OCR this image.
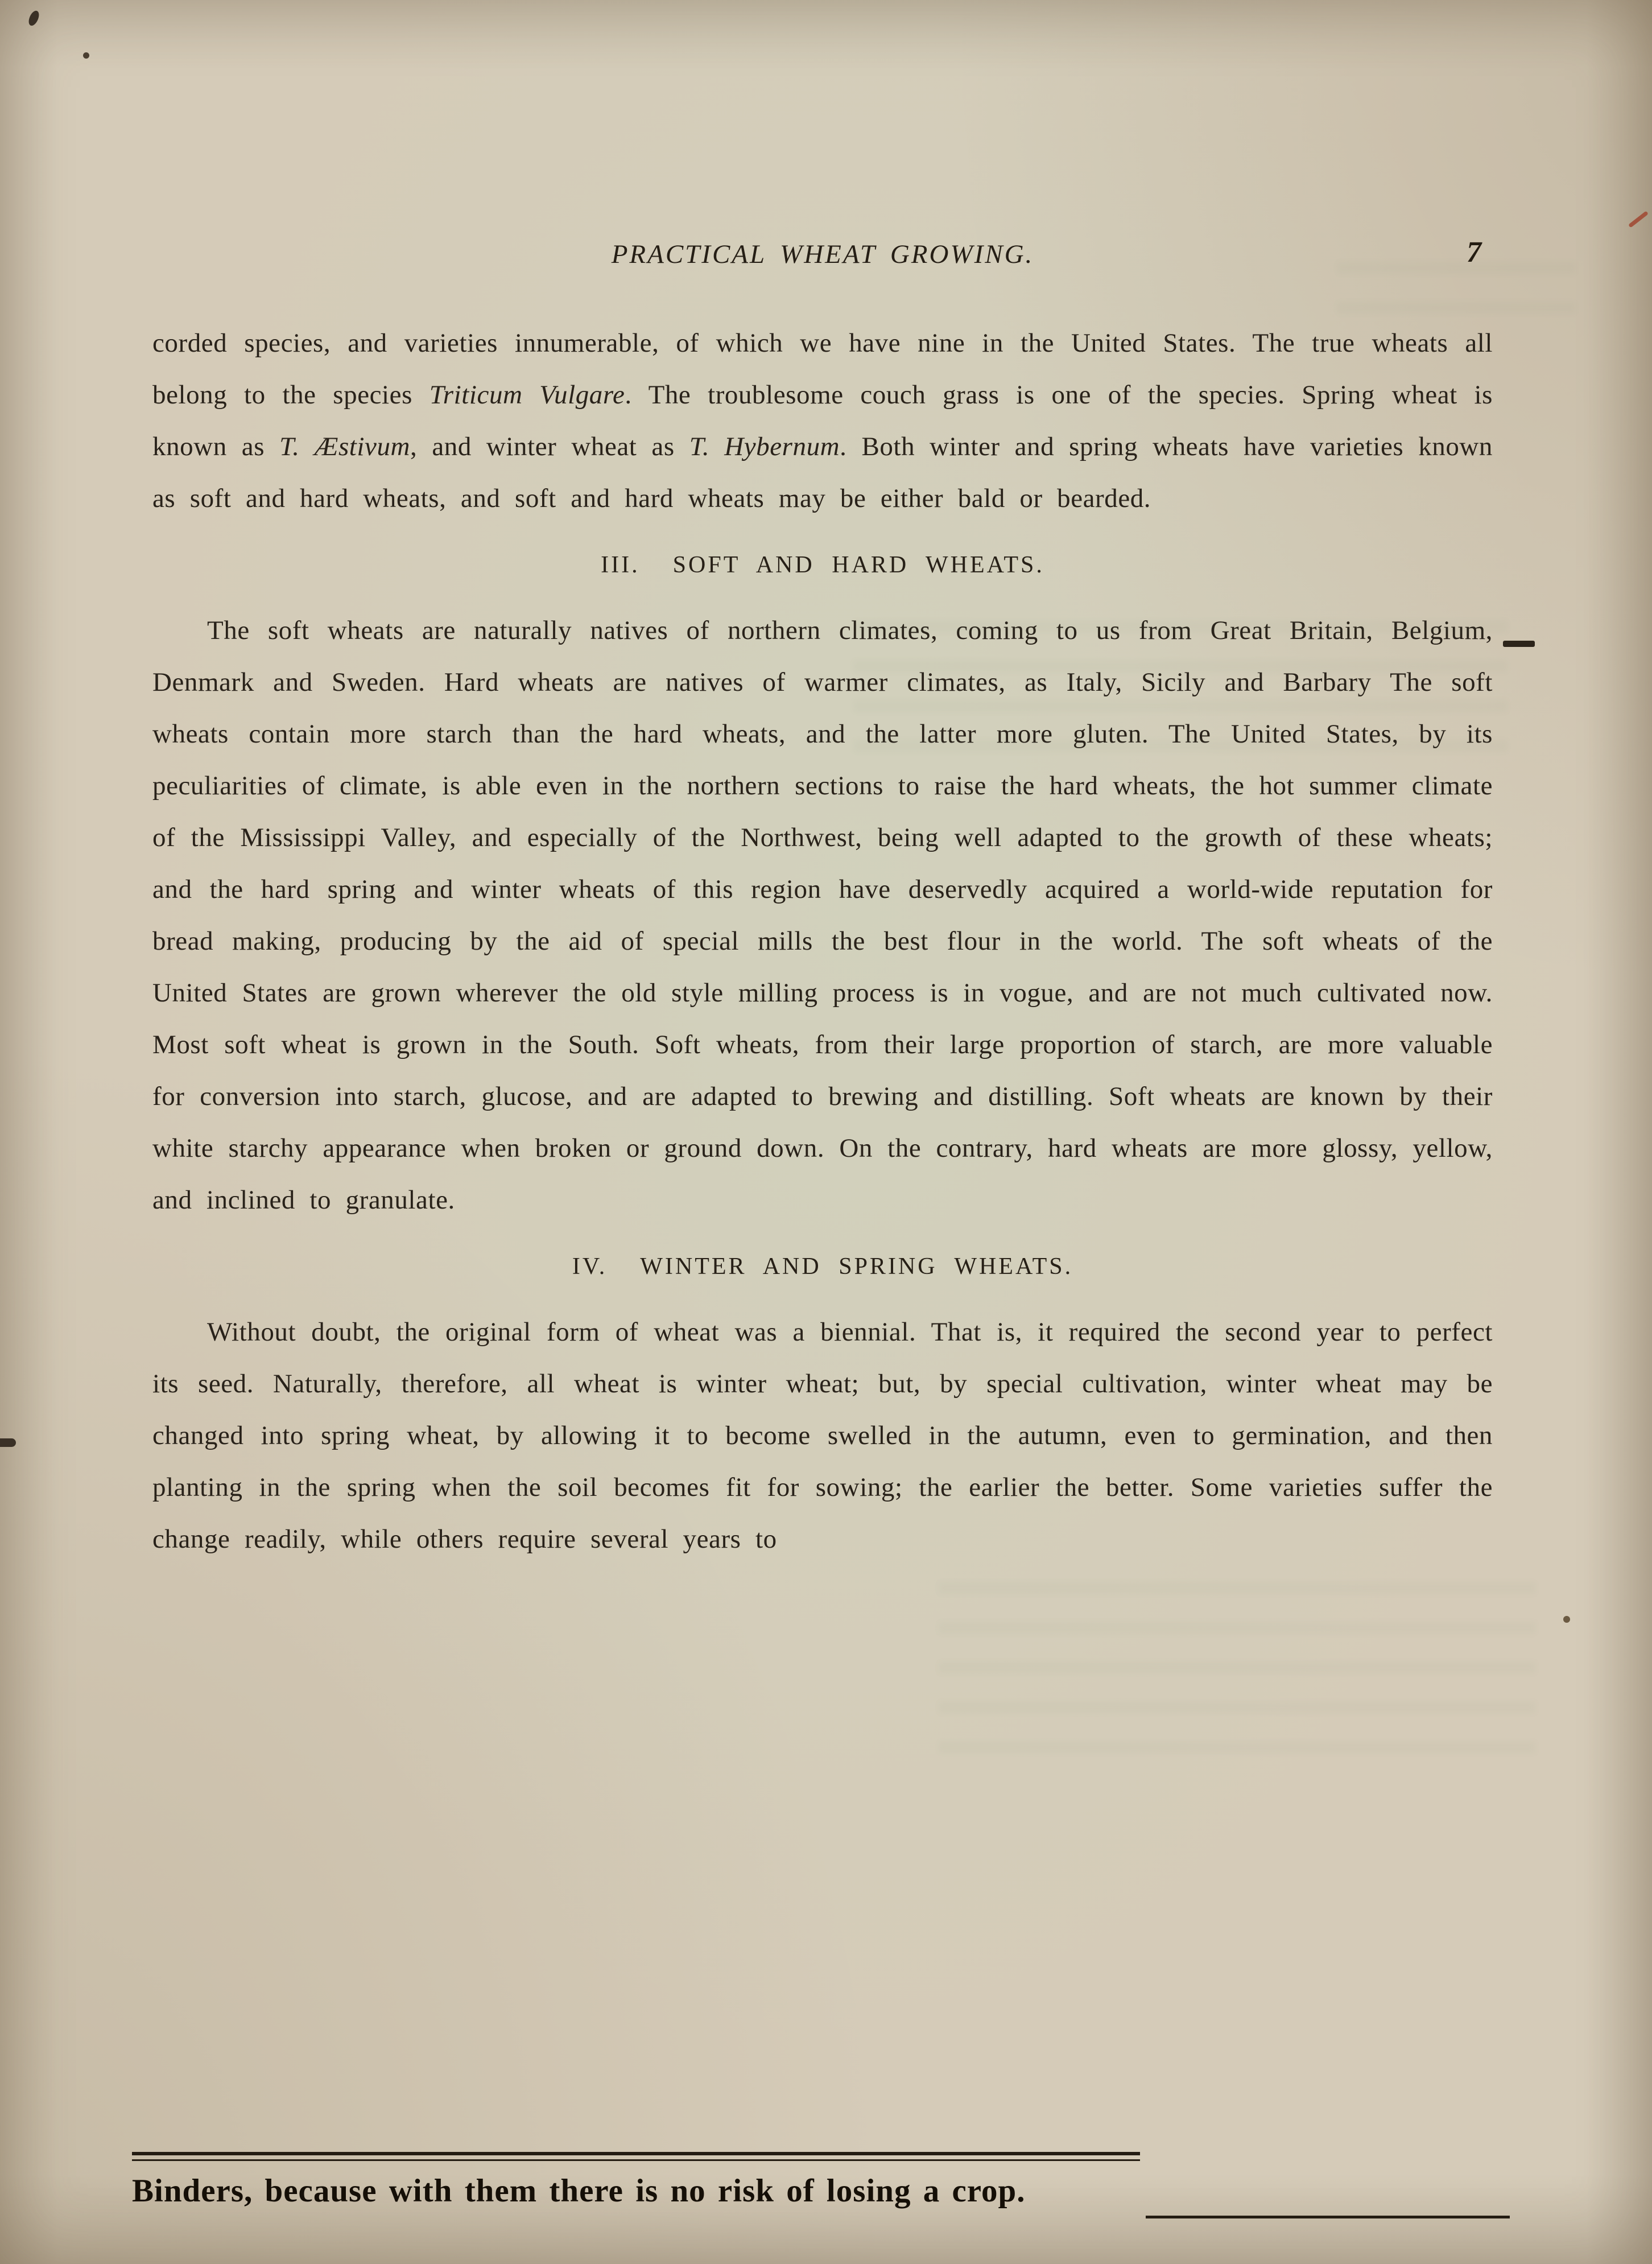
PRACTICAL WHEAT GROWING.	7

corded species, and varieties innumerable, of which we have nine in the United States. The true wheats all belong to the species Triticum Vulgare. The troublesome couch grass is one of the species. Spring wheat is known as T. Æstivum, and winter wheat as T. Hybernum. Both winter and spring wheats have varieties known as soft and hard wheats, and soft and hard wheats may be either bald or bearded.

III. SOFT AND HARD WHEATS.

The soft wheats are naturally natives of northern climates, coming to us from Great Britain, Belgium, Denmark and Sweden. Hard wheats are natives of warmer climates, as Italy, Sicily and Barbary The soft wheats contain more starch than the hard wheats, and the latter more gluten. The United States, by its peculiarities of climate, is able even in the northern sections to raise the hard wheats, the hot summer climate of the Mississippi Valley, and especially of the Northwest, being well adapted to the growth of these wheats; and the hard spring and winter wheats of this region have deservedly acquired a world-wide reputation for bread making, producing by the aid of special mills the best flour in the world. The soft wheats of the United States are grown wherever the old style milling process is in vogue, and are not much cultivated now. Most soft wheat is grown in the South. Soft wheats, from their large proportion of starch, are more valuable for conversion into starch, glucose, and are adapted to brewing and distilling. Soft wheats are known by their white starchy appearance when broken or ground down. On the contrary, hard wheats are more glossy, yellow, and inclined to granulate.

IV. WINTER AND SPRING WHEATS.

Without doubt, the original form of wheat was a biennial. That is, it required the second year to perfect its seed. Naturally, therefore, all wheat is winter wheat; but, by special cultivation, winter wheat may be changed into spring wheat, by allowing it to become swelled in the autumn, even to germination, and then planting in the spring when the soil becomes fit for sowing; the earlier the better. Some varieties suffer the change readily, while others require several years to

Binders, because with them there is no risk of losing a crop.
